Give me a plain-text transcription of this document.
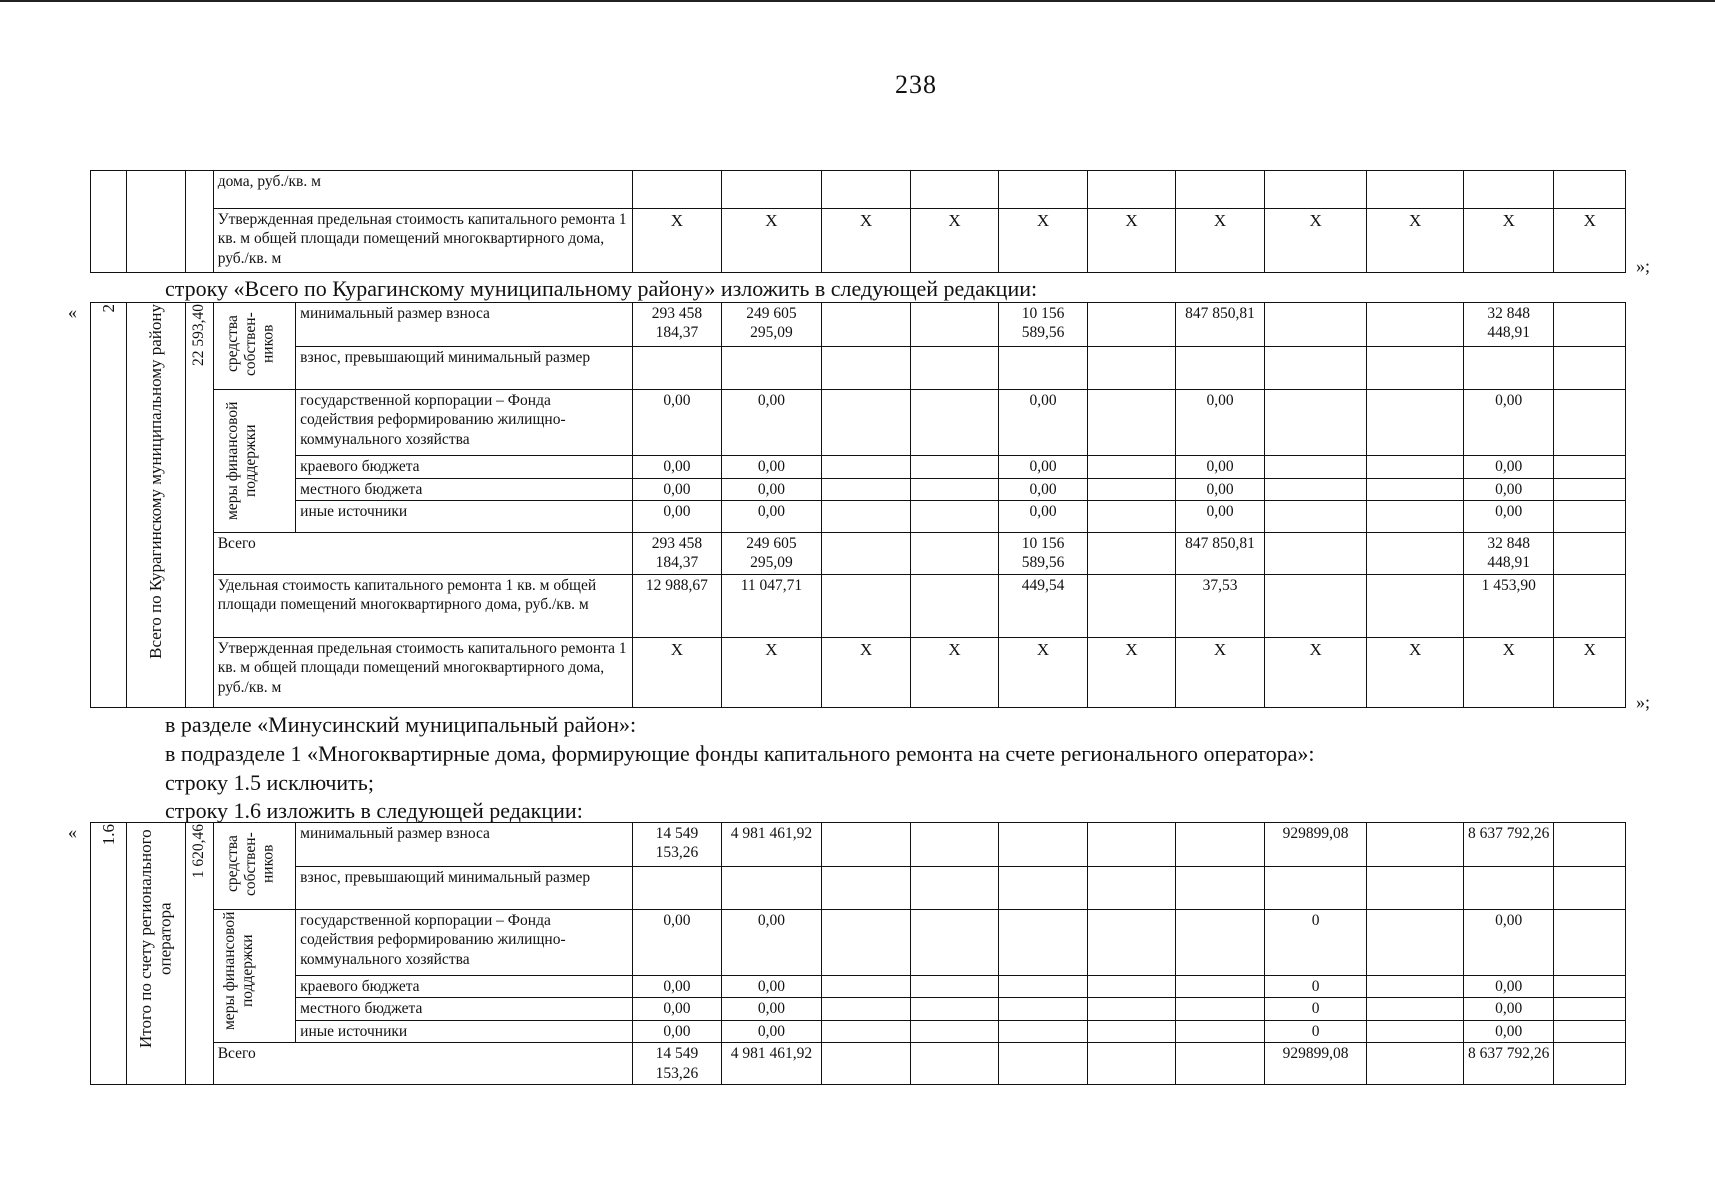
238
			дома, руб./кв. м											
			Утвержденная предельная стоимость капитального ремонта 1 кв. м общей площади помещений многоквартирного дома, руб./кв. м	X	X	X	X	X	X	X	X	X	X	X
»;
строку «Всего по Курагинскому муниципальному району» изложить в следующей редакции:
« 2	Всего по Курагинскому муниципальному району	22 593,40	средства собствен-ников	минимальный размер взноса	293 458 184,37	249 605 295,09			10 156 589,56		847 850,81			32 848 448,91	
				взнос, превышающий минимальный размер											

			меры финансовой поддержки	государственной корпорации – Фонда содействия реформированию жилищно-коммунального хозяйства	0,00	0,00			0,00		0,00			0,00	
				краевого бюджета	0,00	0,00			0,00		0,00			0,00	
				местного бюджета	0,00	0,00			0,00		0,00			0,00	
				иные источники	0,00	0,00			0,00		0,00			0,00	
			Всего		293 458 184,37	249 605 295,09			10 156 589,56		847 850,81			32 848 448,91	
			Удельная стоимость капитального ремонта 1 кв. м общей площади помещений многоквартирного дома, руб./кв. м		12 988,67	11 047,71			449,54		37,53			1 453,90	
			Утвержденная предельная стоимость капитального ремонта 1 кв. м общей площади помещений многоквартирного дома, руб./кв. м		X	X	X	X	X	X	X	X	X	X	X
»;
в разделе «Минусинский муниципальный район»:
в подразделе 1 «Многоквартирные дома, формирующие фонды капитального ремонта на счете регионального оператора»:
строку 1.5 исключить;
строку 1.6 изложить в следующей редакции:
« 1.6	Итого по счету регионального оператора	1 620,46	средства собствен-ников	минимальный размер взноса	14 549 153,26	4 981 461,92						929899,08		8 637 792,26	
				взнос, превышающий минимальный размер											

			меры финансовой поддержки	государственной корпорации – Фонда содействия реформированию жилищно-коммунального хозяйства	0,00	0,00						0		0,00	
				краевого бюджета	0,00	0,00						0		0,00	
				местного бюджета	0,00	0,00						0		0,00	
				иные источники	0,00	0,00						0		0,00	
			Всего		14 549 153,26	4 981 461,92						929899,08		8 637 792,26	
